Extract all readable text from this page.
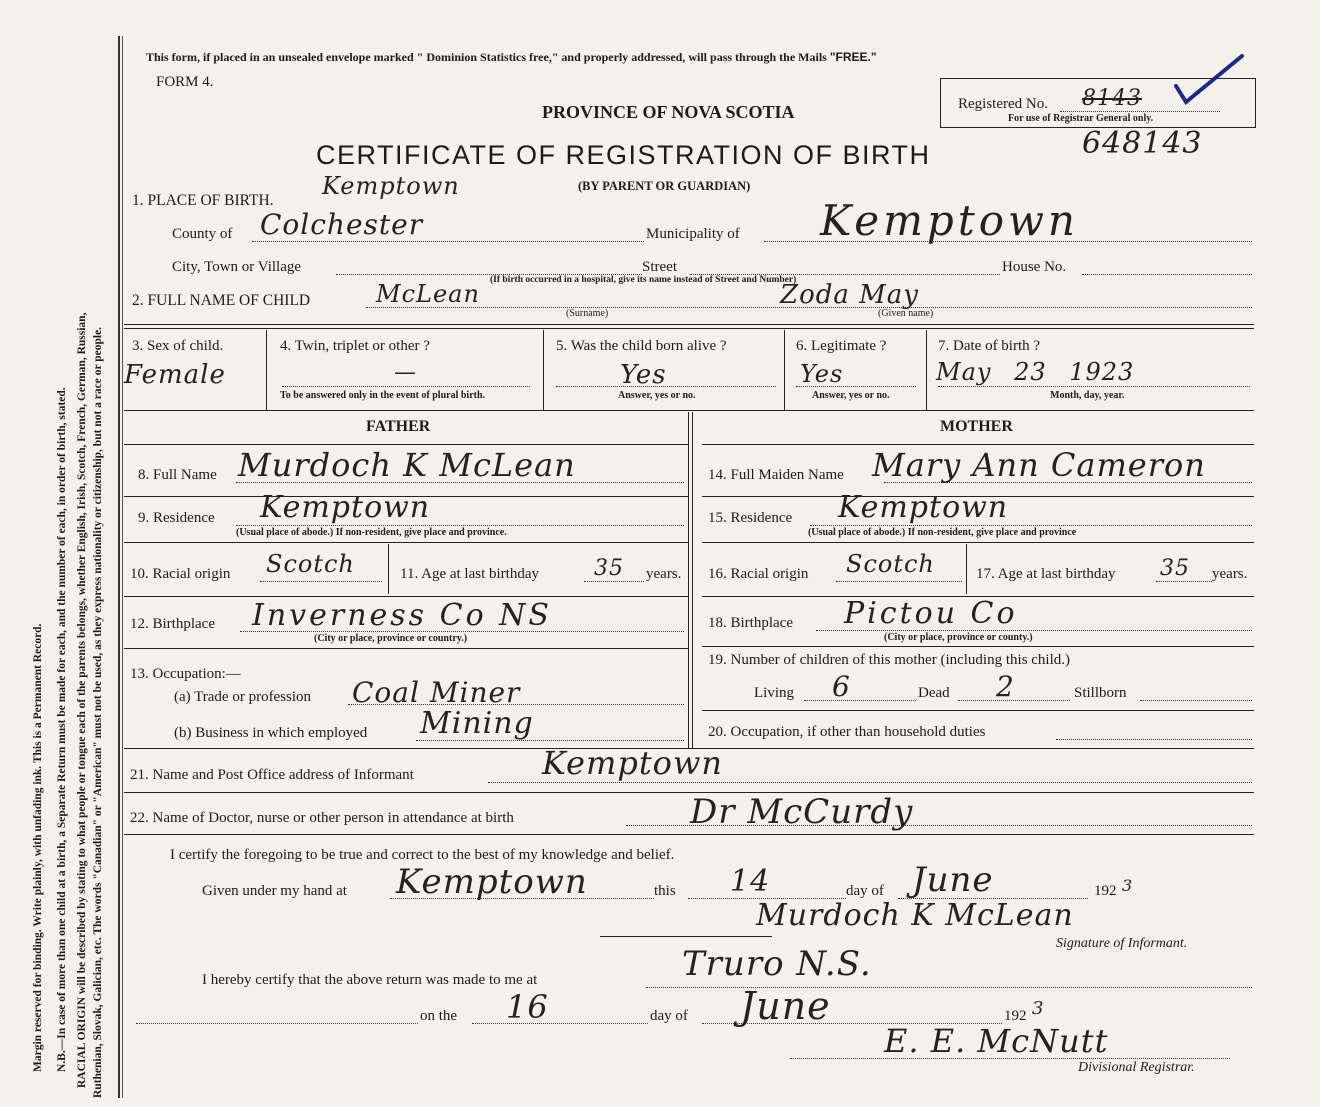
Margin reserved for binding. Write plainly, with unfading ink. This is a Permanent Record. N.B.—In case of more than one child at a birth, a Separate Return must be made for each, and the number of each, in order of birth, stated. RACIAL ORIGIN will be described by stating to what people or tongue each of the parents belongs, whether English, Irish, Scotch, French, German, Russian, Ruthenian, Slovak, Galician, etc. The words "Canadian" or "American" must not be used, as they express nationality or citizenship, but not a race or people.
This form, if placed in an unsealed envelope marked " Dominion Statistics free," and properly addressed, will pass through the Mails "FREE."
FORM 4.
PROVINCE OF NOVA SCOTIA
CERTIFICATE OF REGISTRATION OF BIRTH
Registered No. 8143
For use of Registrar General only.
648143
1. PLACE OF BIRTH.
Kemptown	(BY PARENT OR GUARDIAN)
County of Colchester	Municipality of Kemptown
City, Town or Village	Street	House No.
(If birth occurred in a hospital, give its name instead of Street and Number)
2. FULL NAME OF CHILD	McLean
(Surname)
Zoda May
(Given name)
3. Sex of child.
Female
4. Twin, triplet or other ?
—
To be answered only in the event of plural birth.
5. Was the child born alive ?
Yes
Answer, yes or no.
6. Legitimate ?
Yes
Answer, yes or no.
7. Date of birth ?
May 23 1923
Month, day, year.
FATHER
8. Full Name Murdoch K McLean
9. Residence Kemptown
(Usual place of abode.) If non-resident, give place and province.
10. Racial origin Scotch	11. Age at last birthday	35 years.
12. Birthplace Inverness Co NS
(City or place, province or country.)
13. Occupation:—
(a) Trade or profession Coal Miner
(b) Business in which employed Mining
MOTHER
14. Full Maiden Name Mary Ann Cameron
15. Residence Kemptown
(Usual place of abode.) If non-resident, give place and province
16. Racial origin Scotch	17. Age at last birthday 35 years.
18. Birthplace Pictou Co
(City or place, province or county.)
19. Number of children of this mother (including this child.)
Living 6	Dead 2	Stillborn
20. Occupation, if other than household duties
21. Name and Post Office address of Informant	Kemptown
22. Name of Doctor, nurse or other person in attendance at birth	Dr McCurdy
I certify the foregoing to be true and correct to the best of my knowledge and belief.
Given under my hand at Kemptown	this 14	day of June	192 3
Murdoch K McLean
Signature of Informant.
I hereby certify that the above return was made to me at	Truro N.S.
on the 16	day of June	192 3
E. E. McNutt
Divisional Registrar.
